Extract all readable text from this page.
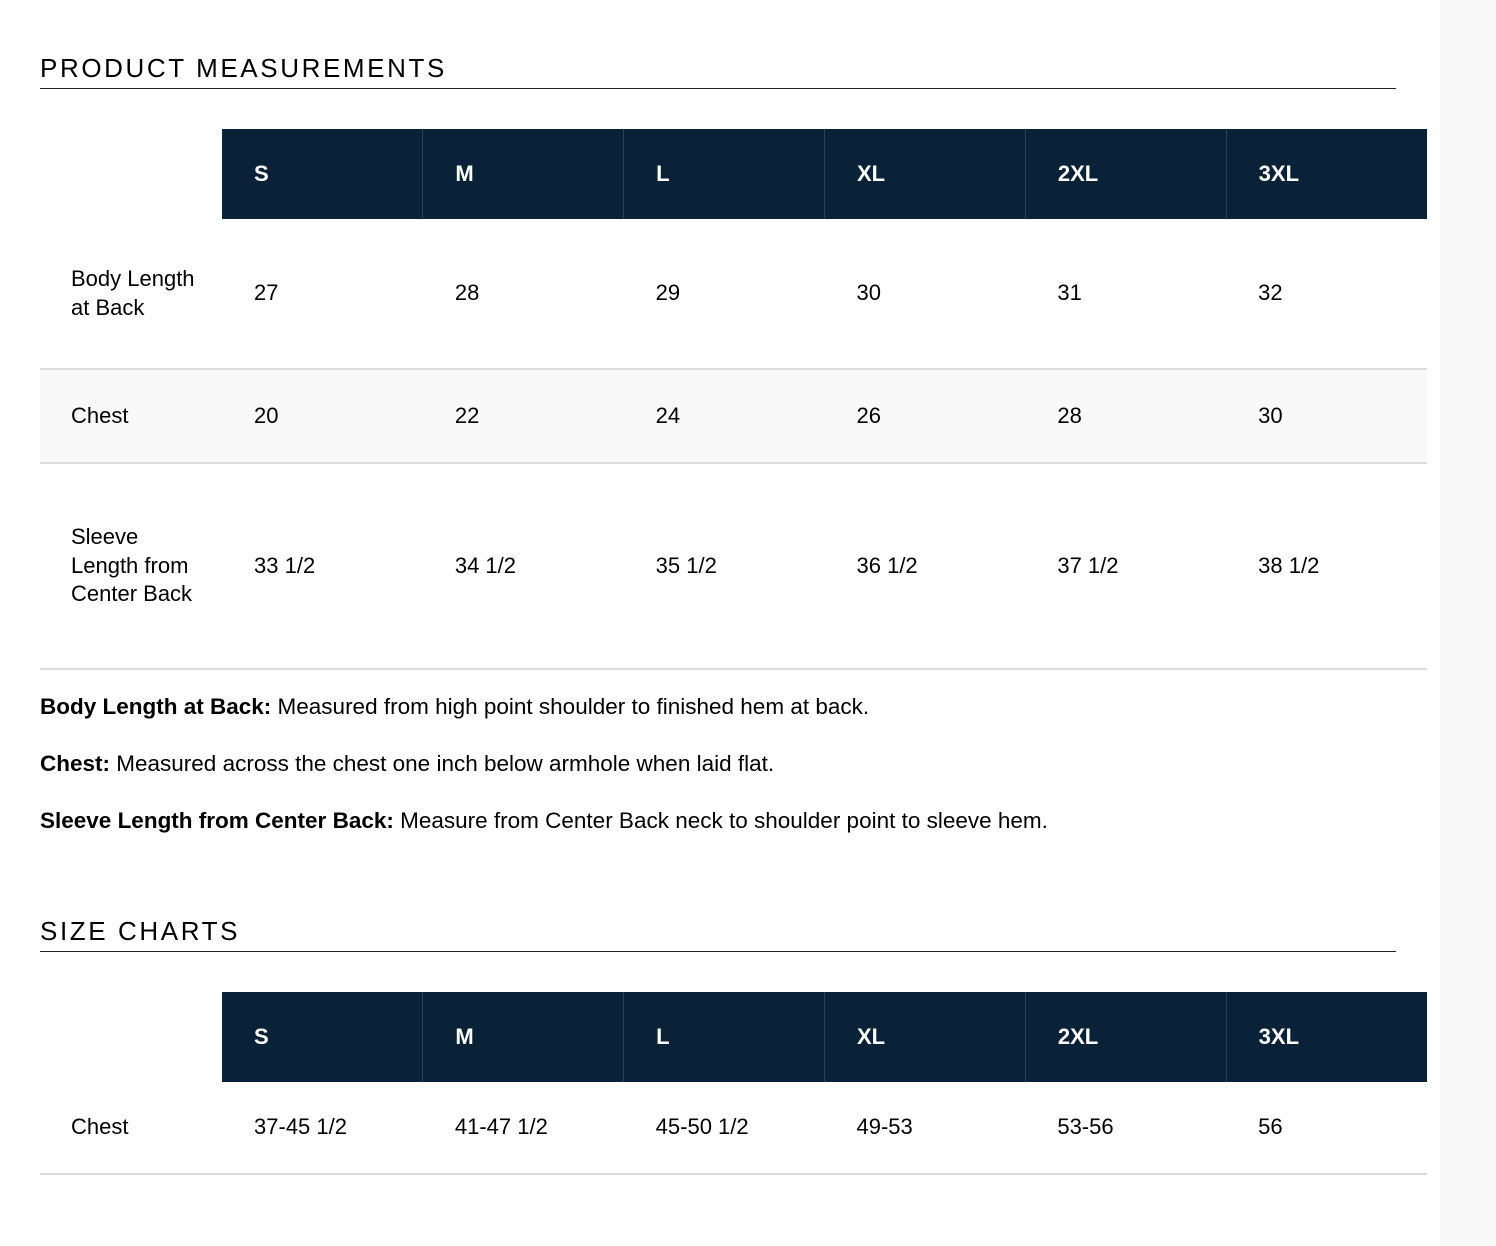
PRODUCT MEASUREMENTS
	S	M	L	XL	2XL	3XL
Body Length at Back	27	28	29	30	31	32
Chest	20	22	24	26	28	30
Sleeve Length from Center Back	33 1/2	34 1/2	35 1/2	36 1/2	37 1/2	38 1/2

Body Length at Back: Measured from high point shoulder to finished hem at back.

Chest: Measured across the chest one inch below armhole when laid flat.

Sleeve Length from Center Back: Measure from Center Back neck to shoulder point to sleeve hem.

SIZE CHARTS
	S	M	L	XL	2XL	3XL
Chest	37-45 1/2	41-47 1/2	45-50 1/2	49-53	53-56	56
